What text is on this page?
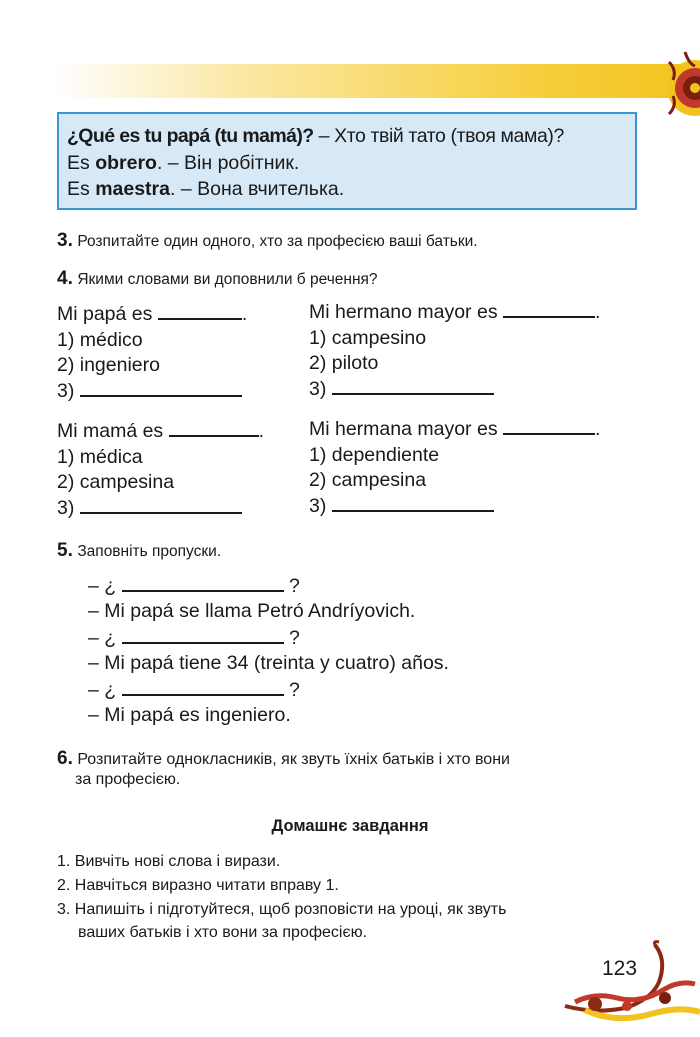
¿Qué es tu papá (tu mamá)? – Хто твій тато (твоя мама)?
Es obrero. – Він робітник.
Es maestra. – Вона вчителька.
3. Розпитайте один одного, хто за професією ваші батьки.
4. Якими словами ви доповнили б речення?
Mi papá es	.
1) médico
2) ingeniero
3)
Mi hermano mayor es	.
1) campesino
2) piloto
3)
Mi mamá es	.
1) médica
2) campesina
3)
Mi hermana mayor es	.
1) dependiente
2) campesina
3)
5. Заповніть пропуски.
– ¿	?
– Mi papá se llama Petró Andríyovich.
– ¿	?
– Mi papá tiene 34 (treinta y cuatro) años.
– ¿	?
– Mi papá es ingeniero.
6. Розпитайте однокласників, як звуть їхніх батьків і хто вони
за професією.
Домашнє завдання
1. Вивчіть нові слова і вирази.
2. Навчіться виразно читати вправу 1.
3. Напишіть і підготуйтеся, щоб розповісти на уроці, як звуть
ваших батьків і хто вони за професією.
123
